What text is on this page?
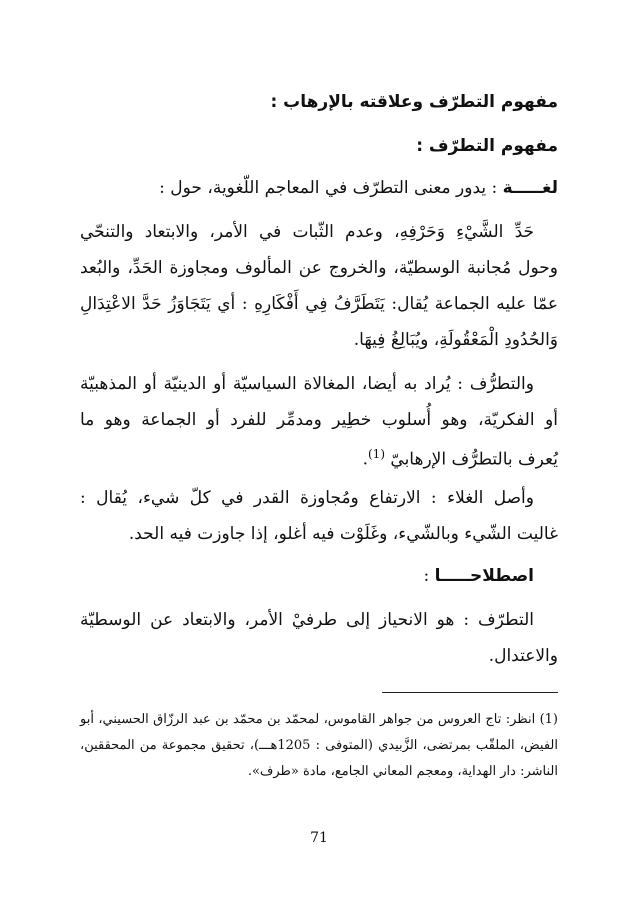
مفهوم التطرّف وعلاقته بالإرهاب :
مفهوم التطرّف :
لغـــــة : يدور معنى التطرّف في المعاجم اللّغوية، حول :
حَدِّ الشَّيْءِ وَحَرْفِهِ، وعدم الثّبات في الأمر، والابتعاد والتنحّي
وحول مُجانبة الوسطيّة، والخروج عن المألوف ومجاوزة الحَدِّ، والبُعد
عمّا عليه الجماعة يُقال: يَتَطَرَّفُ فِي أَفْكَارِهِ : أي يَتَجَاوَزُ حَدَّ الاعْتِدَالِ
وَالحُدُودِ الْمَعْقُولَةِ، ويُبَالِغُ فِيهَا.
والتطرُّف : يُراد به أيضا، المغالاة السياسيّة أو الدينيّة أو المذهبيّة
أو الفكريّة، وهو أُسلوب خطِير ومدمِّر للفرد أو الجماعة وهو ما
يُعرف بالتطرُّف الإرهابيّ $^{(1)}$.
وأصل الغلاء : الارتفاع ومُجاوزة القدر في كلّ شيء، يُقال :
غاليت الشّيء وبالشّيء، وغَلَوْت فيه أغلو، إذا جاوزت فيه الحد.
اصطلاحـــــا :
التطرّف : هو الانحياز إلى طرفيْ الأمر، والابتعاد عن الوسطيّة
والاعتدال.
(1) انظر: تاج العروس من جواهر القاموس، لمحمّد بن محمّد بن عبد الرزّاق الحسيني، أبو
الفيض، الملقّب بمرتضى، الزَّبيدي (المتوفى : 1205هـــ)، تحقيق مجموعة من المحققين،
الناشر: دار الهداية، ومعجم المعاني الجامع، مادة «طرف».
71
